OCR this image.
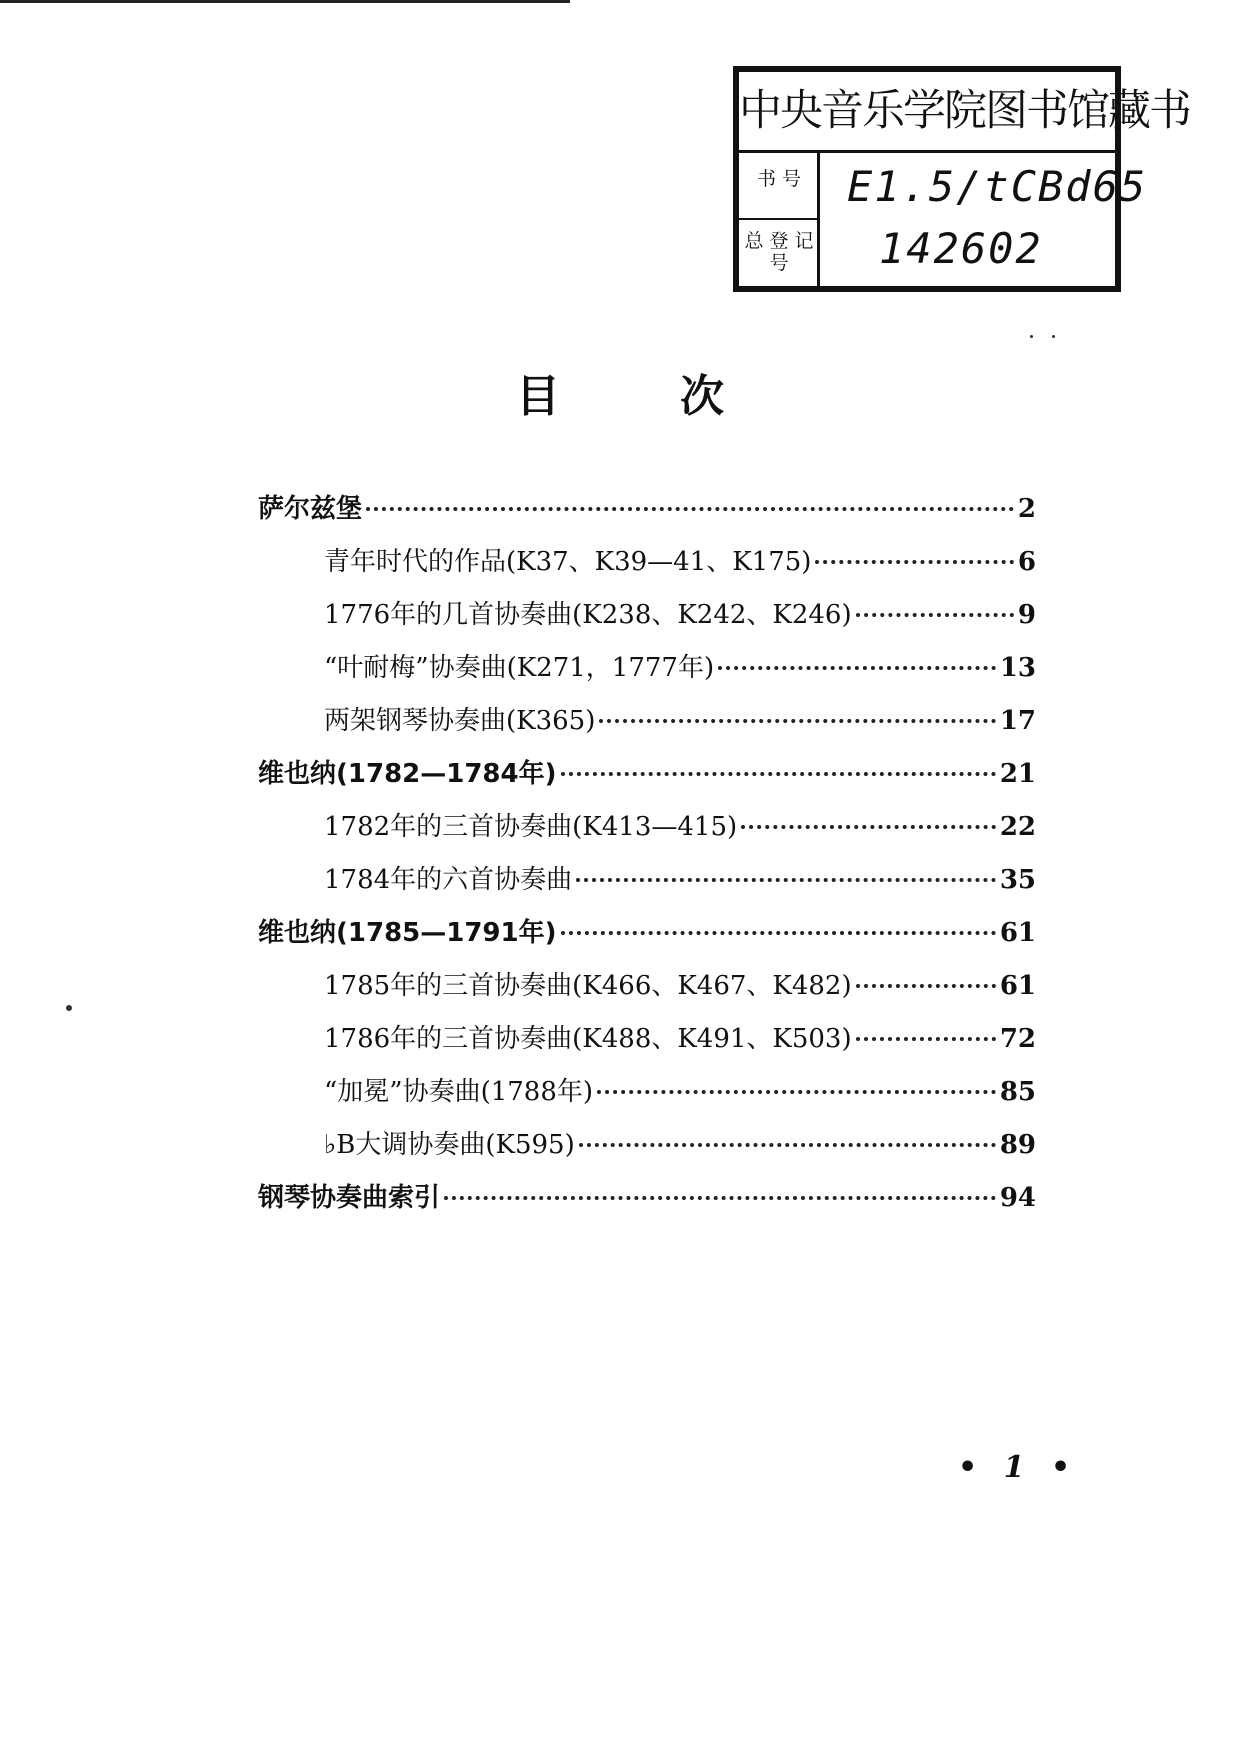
中央音乐学院图书馆藏书
书 号
总 登 记 号
E1.5/tCBd65
142602
目次
萨尔兹堡	2
青年时代的作品(K37、K39—41、K175)	6
1776年的几首协奏曲(K238、K242、K246)	9
“叶耐梅”协奏曲(K271，1777年)	13
两架钢琴协奏曲(K365)	17
维也纳(1782—1784年)	21
1782年的三首协奏曲(K413—415)	22
1784年的六首协奏曲	35
维也纳(1785—1791年)	61
1785年的三首协奏曲(K466、K467、K482)	61
1786年的三首协奏曲(K488、K491、K503)	72
“加冕”协奏曲(1788年)	85
♭B大调协奏曲(K595)	89
钢琴协奏曲索引	94
• 1 •
